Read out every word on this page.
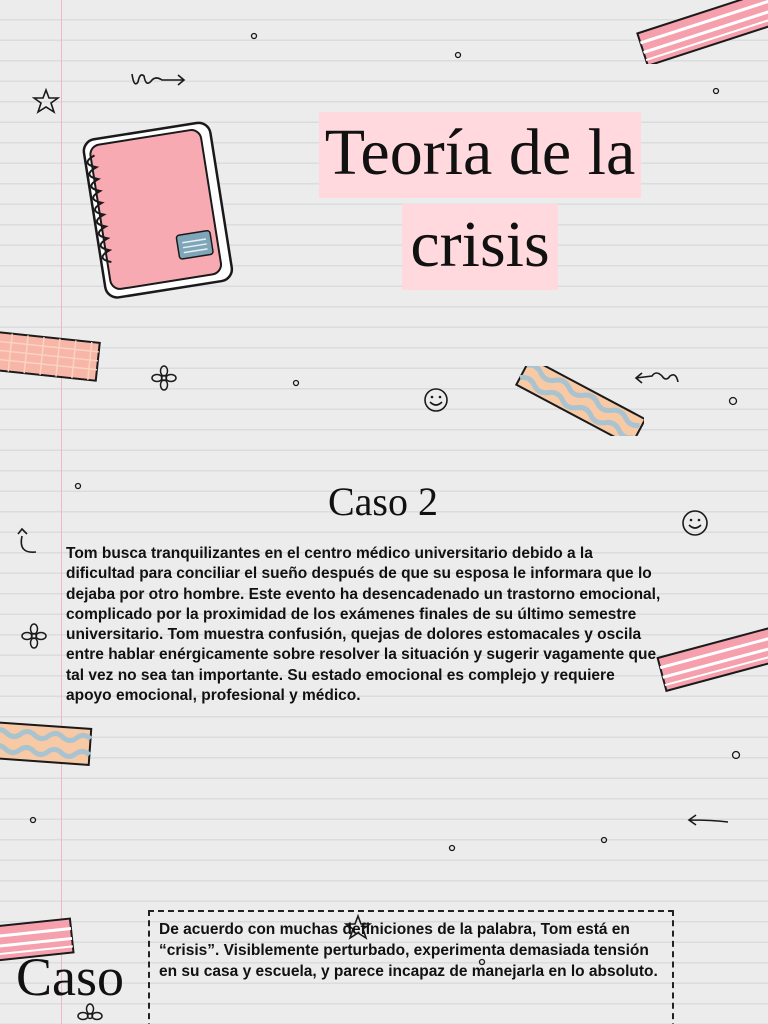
Teoría de la
crisis
Caso 2

Tom busca tranquilizantes en el centro médico universitario debido a la dificultad para conciliar el sueño después de que su esposa le informara que lo dejaba por otro hombre. Este evento ha desencadenado un trastorno emocional, complicado por la proximidad de los exámenes finales de su último semestre universitario. Tom muestra confusión, quejas de dolores estomacales y oscila entre hablar enérgicamente sobre resolver la situación y sugerir vagamente que tal vez no sea tan importante. Su estado emocional es complejo y requiere apoyo emocional, profesional y médico.

De acuerdo con muchas definiciones de la palabra, Tom está en “crisis”. Visiblemente perturbado, experimenta demasiada tensión en su casa y escuela, y parece incapaz de manejarla en lo absoluto.

Caso
